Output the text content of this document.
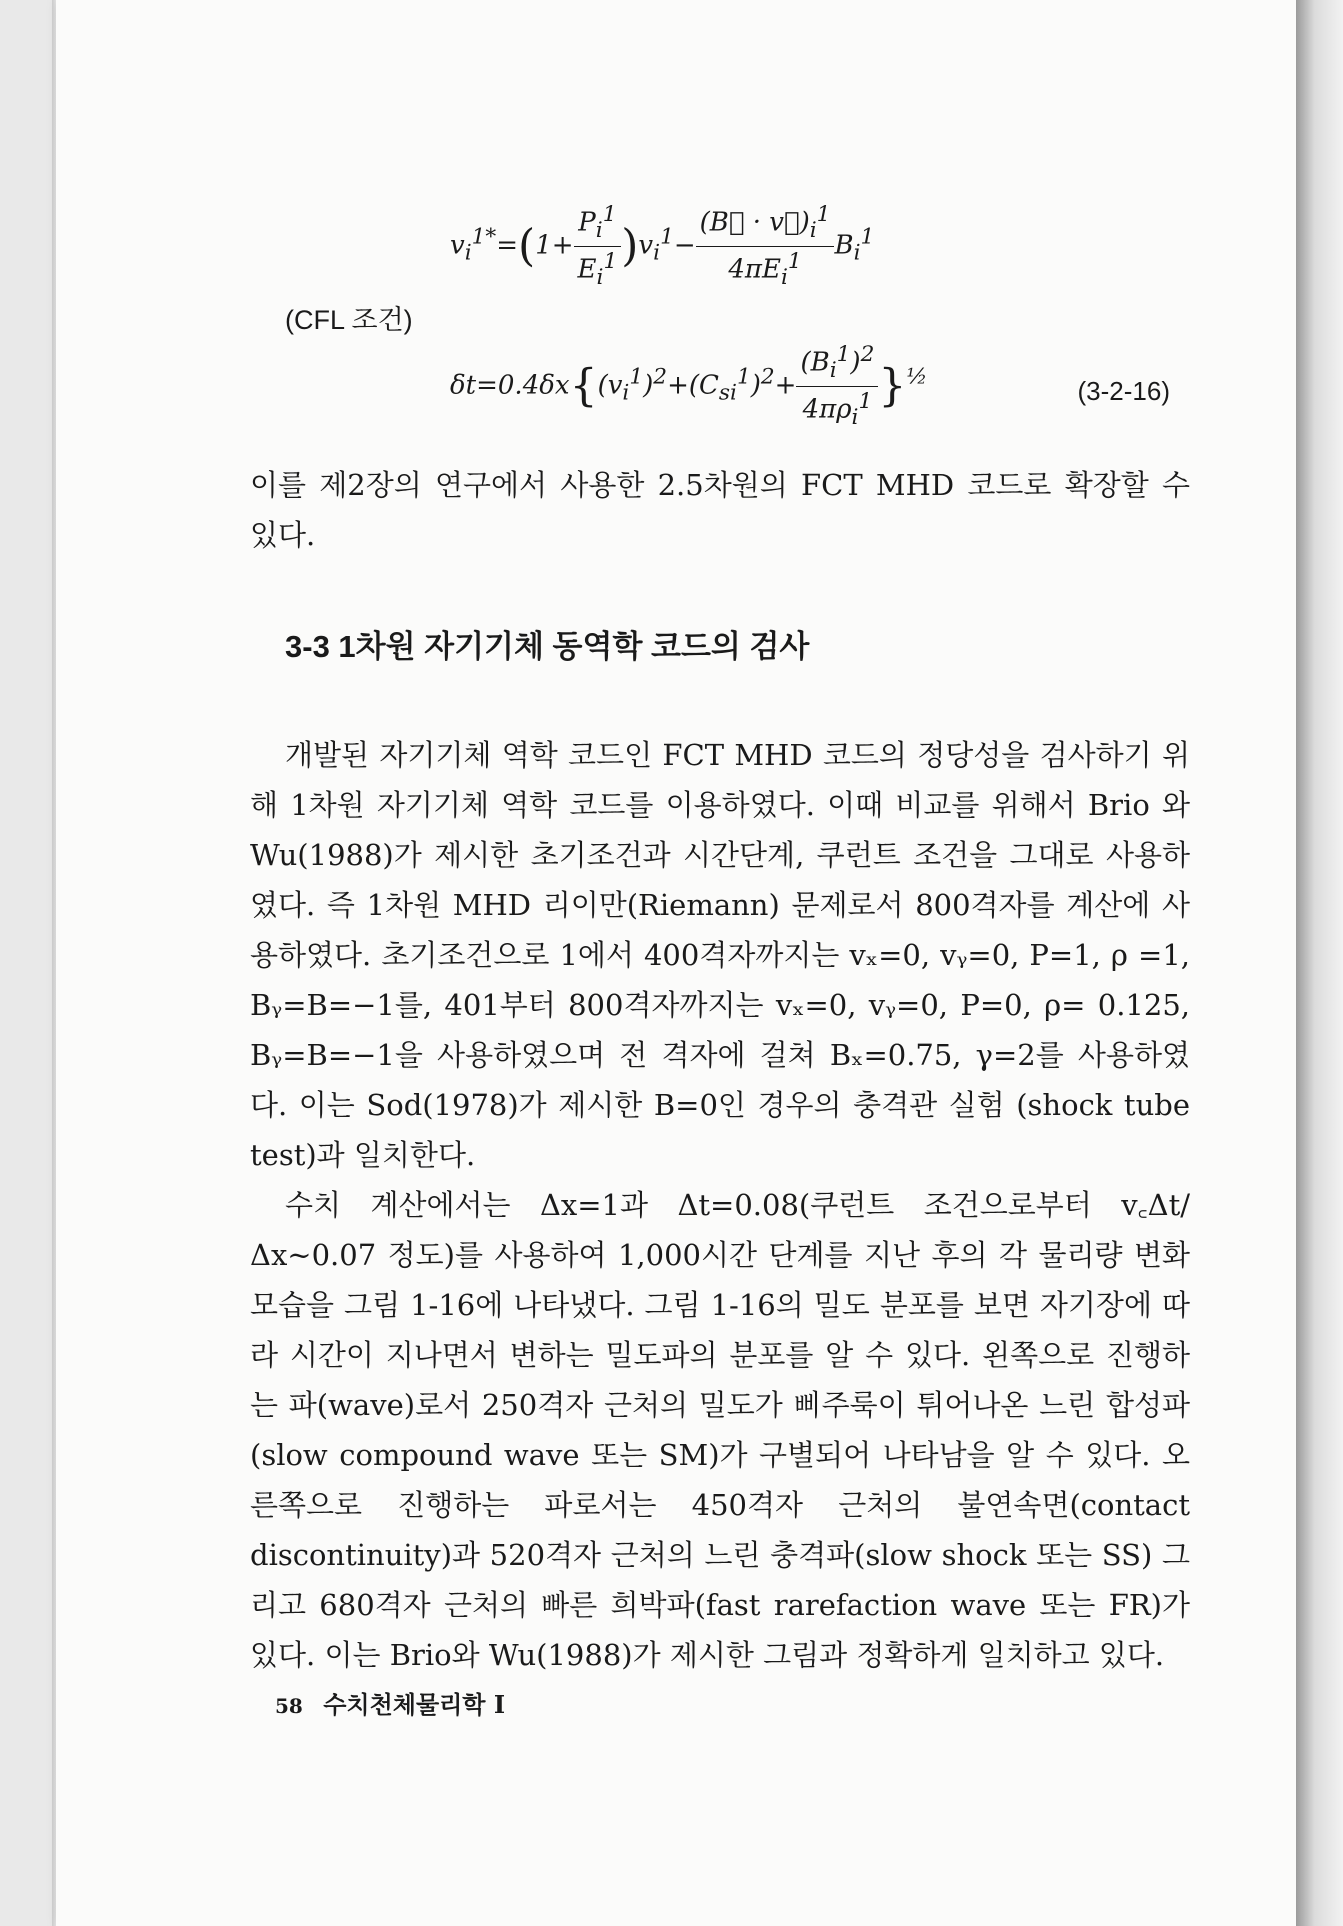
$v_i^{1*}=(1+ \frac{P_i^1}{E_i^1} )v_i^1- \frac{(B⃗ \cdot v⃗)_i^1}{4\pi E_i^1} B_i^1$
(CFL 조건)
$\delta t=0.4\delta x\{(v_i^1)^2+(C_{si}^1)^2+ \frac{(B_i^1)^2}{4\pi\rho_i^1} \}^{\frac{1}{2}}$	(3-2-16)

이를 제2장의 연구에서 사용한 2.5차원의 FCT MHD 코드로 확장할 수 있다.

3-3 1차원 자기기체 동역학 코드의 검사

개발된 자기기체 역학 코드인 FCT MHD 코드의 정당성을 검사하기 위해 1차원 자기기체 역학 코드를 이용하였다. 이때 비교를 위해서 Brio 와 Wu(1988)가 제시한 초기조건과 시간단계, 쿠런트 조건을 그대로 사용하였다. 즉 1차원 MHD 리이만(Riemann) 문제로서 800격자를 계산에 사용하였다. 초기조건으로 1에서 400격자까지는 vₓ=0, vᵧ=0, P=1, ρ =1, Bᵧ=B=−1를, 401부터 800격자까지는 vₓ=0, vᵧ=0, P=0, ρ= 0.125, Bᵧ=B=−1을 사용하였으며 전 격자에 걸쳐 Bₓ=0.75, γ=2를 사용하였다. 이는 Sod(1978)가 제시한 B=0인 경우의 충격관 실험 (shock tube test)과 일치한다.

수치 계산에서는 Δx=1과 Δt=0.08(쿠런트 조건으로부터 v꜀Δt/Δx~0.07 정도)를 사용하여 1,000시간 단계를 지난 후의 각 물리량 변화 모습을 그림 1-16에 나타냈다. 그림 1-16의 밀도 분포를 보면 자기장에 따라 시간이 지나면서 변하는 밀도파의 분포를 알 수 있다. 왼쪽으로 진행하는 파(wave)로서 250격자 근처의 밀도가 삐주룩이 튀어나온 느린 합성파 (slow compound wave 또는 SM)가 구별되어 나타남을 알 수 있다. 오른쪽으로 진행하는 파로서는 450격자 근처의 불연속면(contact discontinuity)과 520격자 근처의 느린 충격파(slow shock 또는 SS) 그리고 680격자 근처의 빠른 희박파(fast rarefaction wave 또는 FR)가 있다. 이는 Brio와 Wu(1988)가 제시한 그림과 정확하게 일치하고 있다.

58 수치천체물리학 I
